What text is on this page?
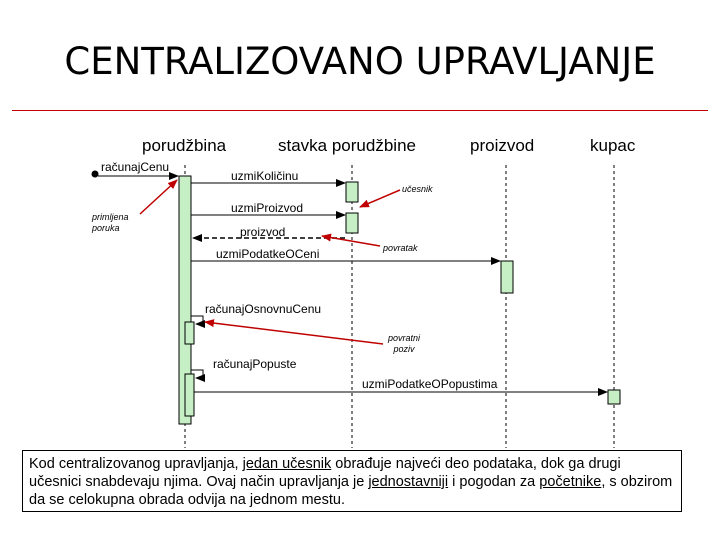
CENTRALIZOVANO UPRAVLJANJE
porudžbina	stavka porudžbine	proizvod	kupac
računajCenu
uzmiKoličinu
uzmiProizvod
proizvod
uzmiPodatkeOCeni
računajOsnovnuCenu
računajPopuste
uzmiPodatkeOPopustima
primljena
poruka
učesnik
povratak
povratni
poziv
Kod centralizovanog upravljanja, jedan učesnik obrađuje najveći deo podataka, dok ga drugi učesnici snabdevaju njima. Ovaj način upravljanja je jednostavniji i pogodan za početnike, s obzirom da se celokupna obrada odvija na jednom mestu.
